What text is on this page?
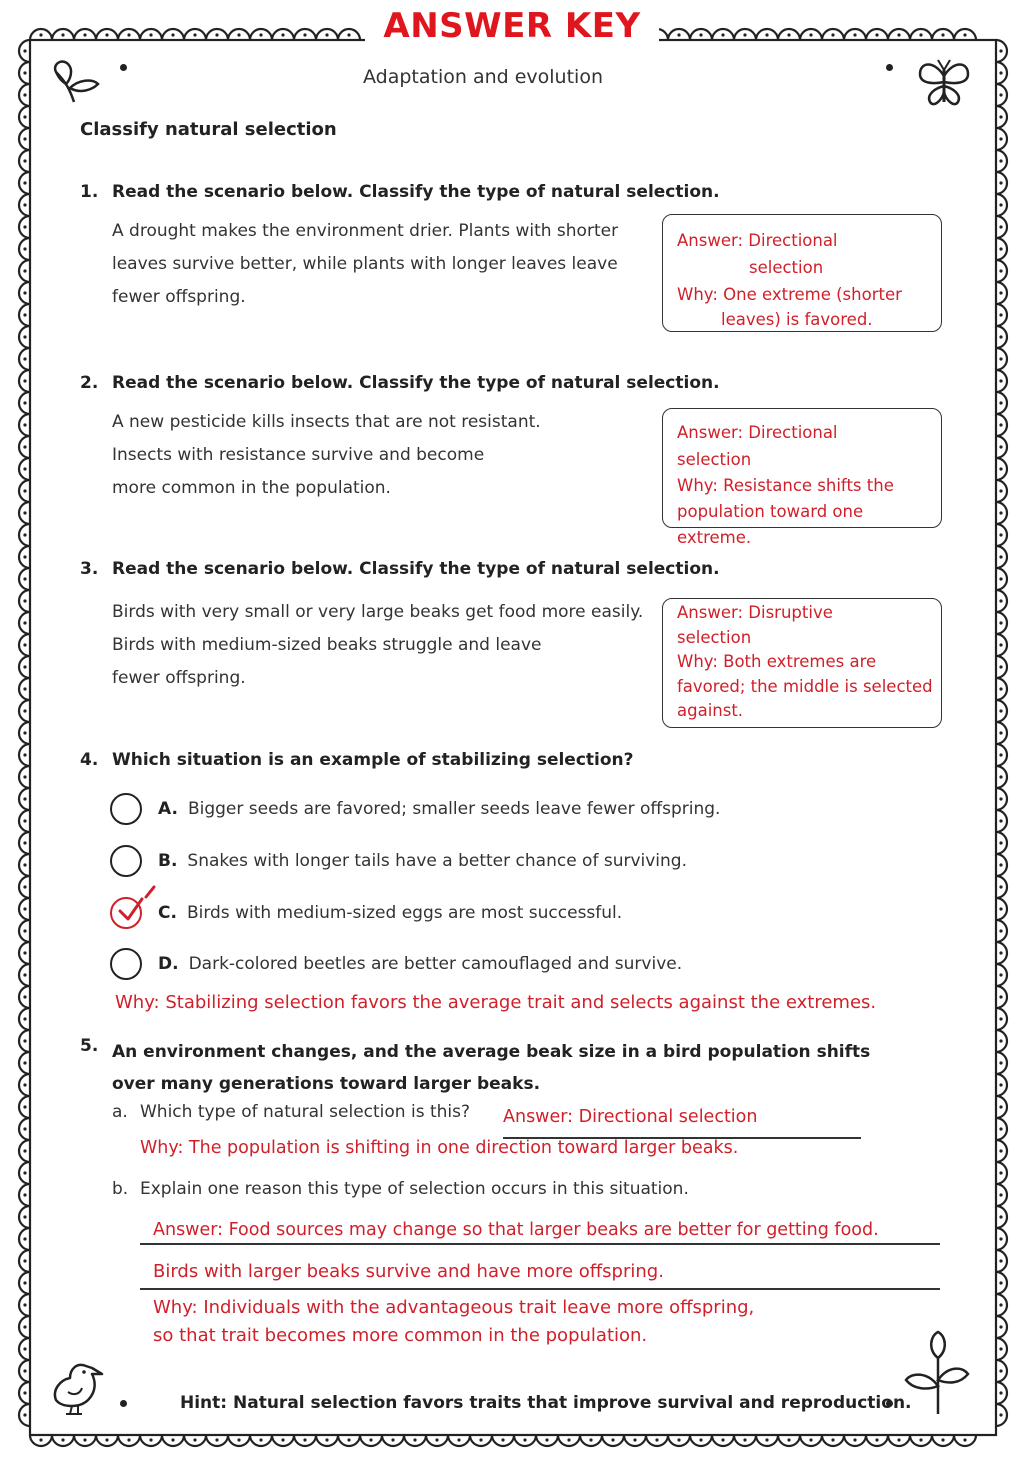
ANSWER KEY
Adaptation and evolution
Classify natural selection
1. Read the scenario below. Classify the type of natural selection.
A drought makes the environment drier. Plants with shorter
leaves survive better, while plants with longer leaves leave
fewer offspring.
Answer: Directional
selection
Why: One extreme (shorter
leaves) is favored.
2. Read the scenario below. Classify the type of natural selection.
A new pesticide kills insects that are not resistant.
Insects with resistance survive and become
more common in the population.
Answer: Directional
selection
Why: Resistance shifts the
population toward one extreme.
3. Read the scenario below. Classify the type of natural selection.
Birds with very small or very large beaks get food more easily.
Birds with medium-sized beaks struggle and leave
fewer offspring.
Answer: Disruptive
selection
Why: Both extremes are
favored; the middle is selected
against.
4. Which situation is an example of stabilizing selection?
A. Bigger seeds are favored; smaller seeds leave fewer offspring.
B. Snakes with longer tails have a better chance of surviving.
C. Birds with medium-sized eggs are most successful.
D. Dark-colored beetles are better camouflaged and survive.
Why: Stabilizing selection favors the average trait and selects against the extremes.
5. An environment changes, and the average beak size in a bird population shifts
over many generations toward larger beaks.
a. Which type of natural selection is this? Answer: Directional selection
Why: The population is shifting in one direction toward larger beaks.
b. Explain one reason this type of selection occurs in this situation.
Answer: Food sources may change so that larger beaks are better for getting food.
Birds with larger beaks survive and have more offspring.
Why: Individuals with the advantageous trait leave more offspring,
so that trait becomes more common in the population.
Hint: Natural selection favors traits that improve survival and reproduction.
